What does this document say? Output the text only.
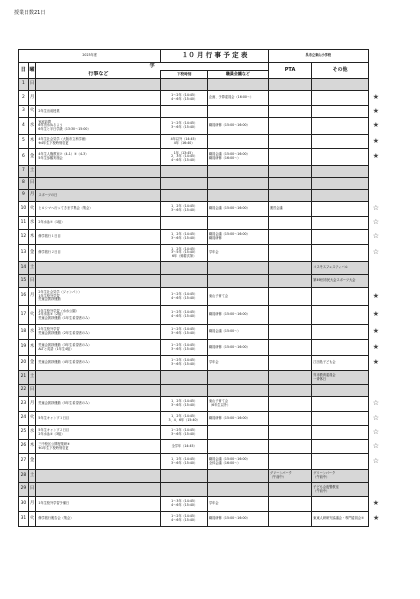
授業日数21日
2023年度			１０ 月 行 事 予 定 表		呉市立東山小学校		
日	曜	学			PTA	その他	
		行事など	下校時刻	職員会議など			
1	日						
2	月		1〜2年（14:45）
4〜6年（15:40）	企画、予算委員会（16:00〜）			★
3	火	2年生出前授業					★
4	水	家庭訪問
6年出水ぬるよう
6年生と半日学級（13:30〜15:00）	1〜2年（14:45）
3〜6年（15:40）	職員研修（15:00〜16:00）			★
5	木	4年生社会見学（大阪市立科学館）
※4年生下校時刻変更	4年以外（14:45）
4年（16:40）				★
6	金	4年生人権教室②（4-1）③（4-3）
5年生参観実施会	1年（13:45）
2、3年（14:45）
4〜6年（15:40）	職員会議（15:00〜16:00）
職員研修（16:00〜）			★
7	土						
8	日						
9	月	スポーツの日					
10	火	ヒロシマへ行ってきます集会（集会）	1、2年（14:45）
3〜6年（15:40）	職員会議（15:00〜16:00）	運営会議		☆
11	水	2年水泳②（1組）					☆
12	木	修学旅行１日目	1、2年（14:45）
3〜6年（15:40）	職員会議（15:00〜16:00）
職員研修			☆
13	金	修学旅行２日目	1、2年（14:45）
3〜5年（15:40）
6年（帰着次第）	学年会			☆
14	土					コスモスフェスティバル	
15	日					第49回市民大会スポーツ大会	
16	月	2年生社会見学（ジャンパン）
1年生校外学習
児童会挨拶運動	1〜2年（14:45）
4〜6年（15:40）	東山子育て会			★
17	火	1年生校外学習（水水公園）
2年水泳③（2組）
児童会挨拶運動（1年生希望者のみ）	1〜2年（14:45）
4〜6年（15:40）	職員研修（15:00〜16:00）			★
18	水	2年生校外学習
児童会挨拶運動（2年生希望者のみ）	1〜2年（14:45）
3〜6年（15:40）	職員会議（15:00〜）			★
19	木	児童会挨拶運動（3年生希望者のみ）
ALTと英語（1年生4組）	1〜2年（14:45）
3〜6年（15:40）	職員研修（15:00〜16:00）			★
20	金	児童会挨拶運動（4年生希望者のみ）	1〜2年（14:45）
3〜6年（15:40）	学年会		江田島子ども会	★
21	土					呉市教育委員会
一斉休日	
22	日						
23	月	児童会挨拶運動（5年生希望者のみ）	1、2年（14:45）
3〜6年（15:40）	東山子育て会
（6年生以外）			☆
24	火	5年生キャンプ１日目	1、2年（14:45）
3、4、6年（15:40）	職員研修（15:00〜16:00）			☆
25	水	5年生キャンプ２日目
2年水泳④（3組）	1〜2年（14:45）
3〜6年（15:40）				☆
26	木	三中校区公開授業研⑤
※1年生下校時刻変更	全学年（14:45）				☆
27	金		1、2年（14:45）
3〜6年（15:40）	職員会議（15:00〜16:00）
全体会議（16:00〜）			☆
28	土				グリーンパーク
（午前中）	グリーンパーク
（午前中）	
29	日					子ども会夜警教室
（午前中）	
30	月	1年生校外学習予備日	1〜3年（14:45）
4〜6年（15:40）	学年会			★
31	火	修学旅行報告会（集会）	1〜2年（14:45）
4〜6年（15:40）	職員研修（15:00〜16:00）		東東人研研究協議会・専門委員会③	★
